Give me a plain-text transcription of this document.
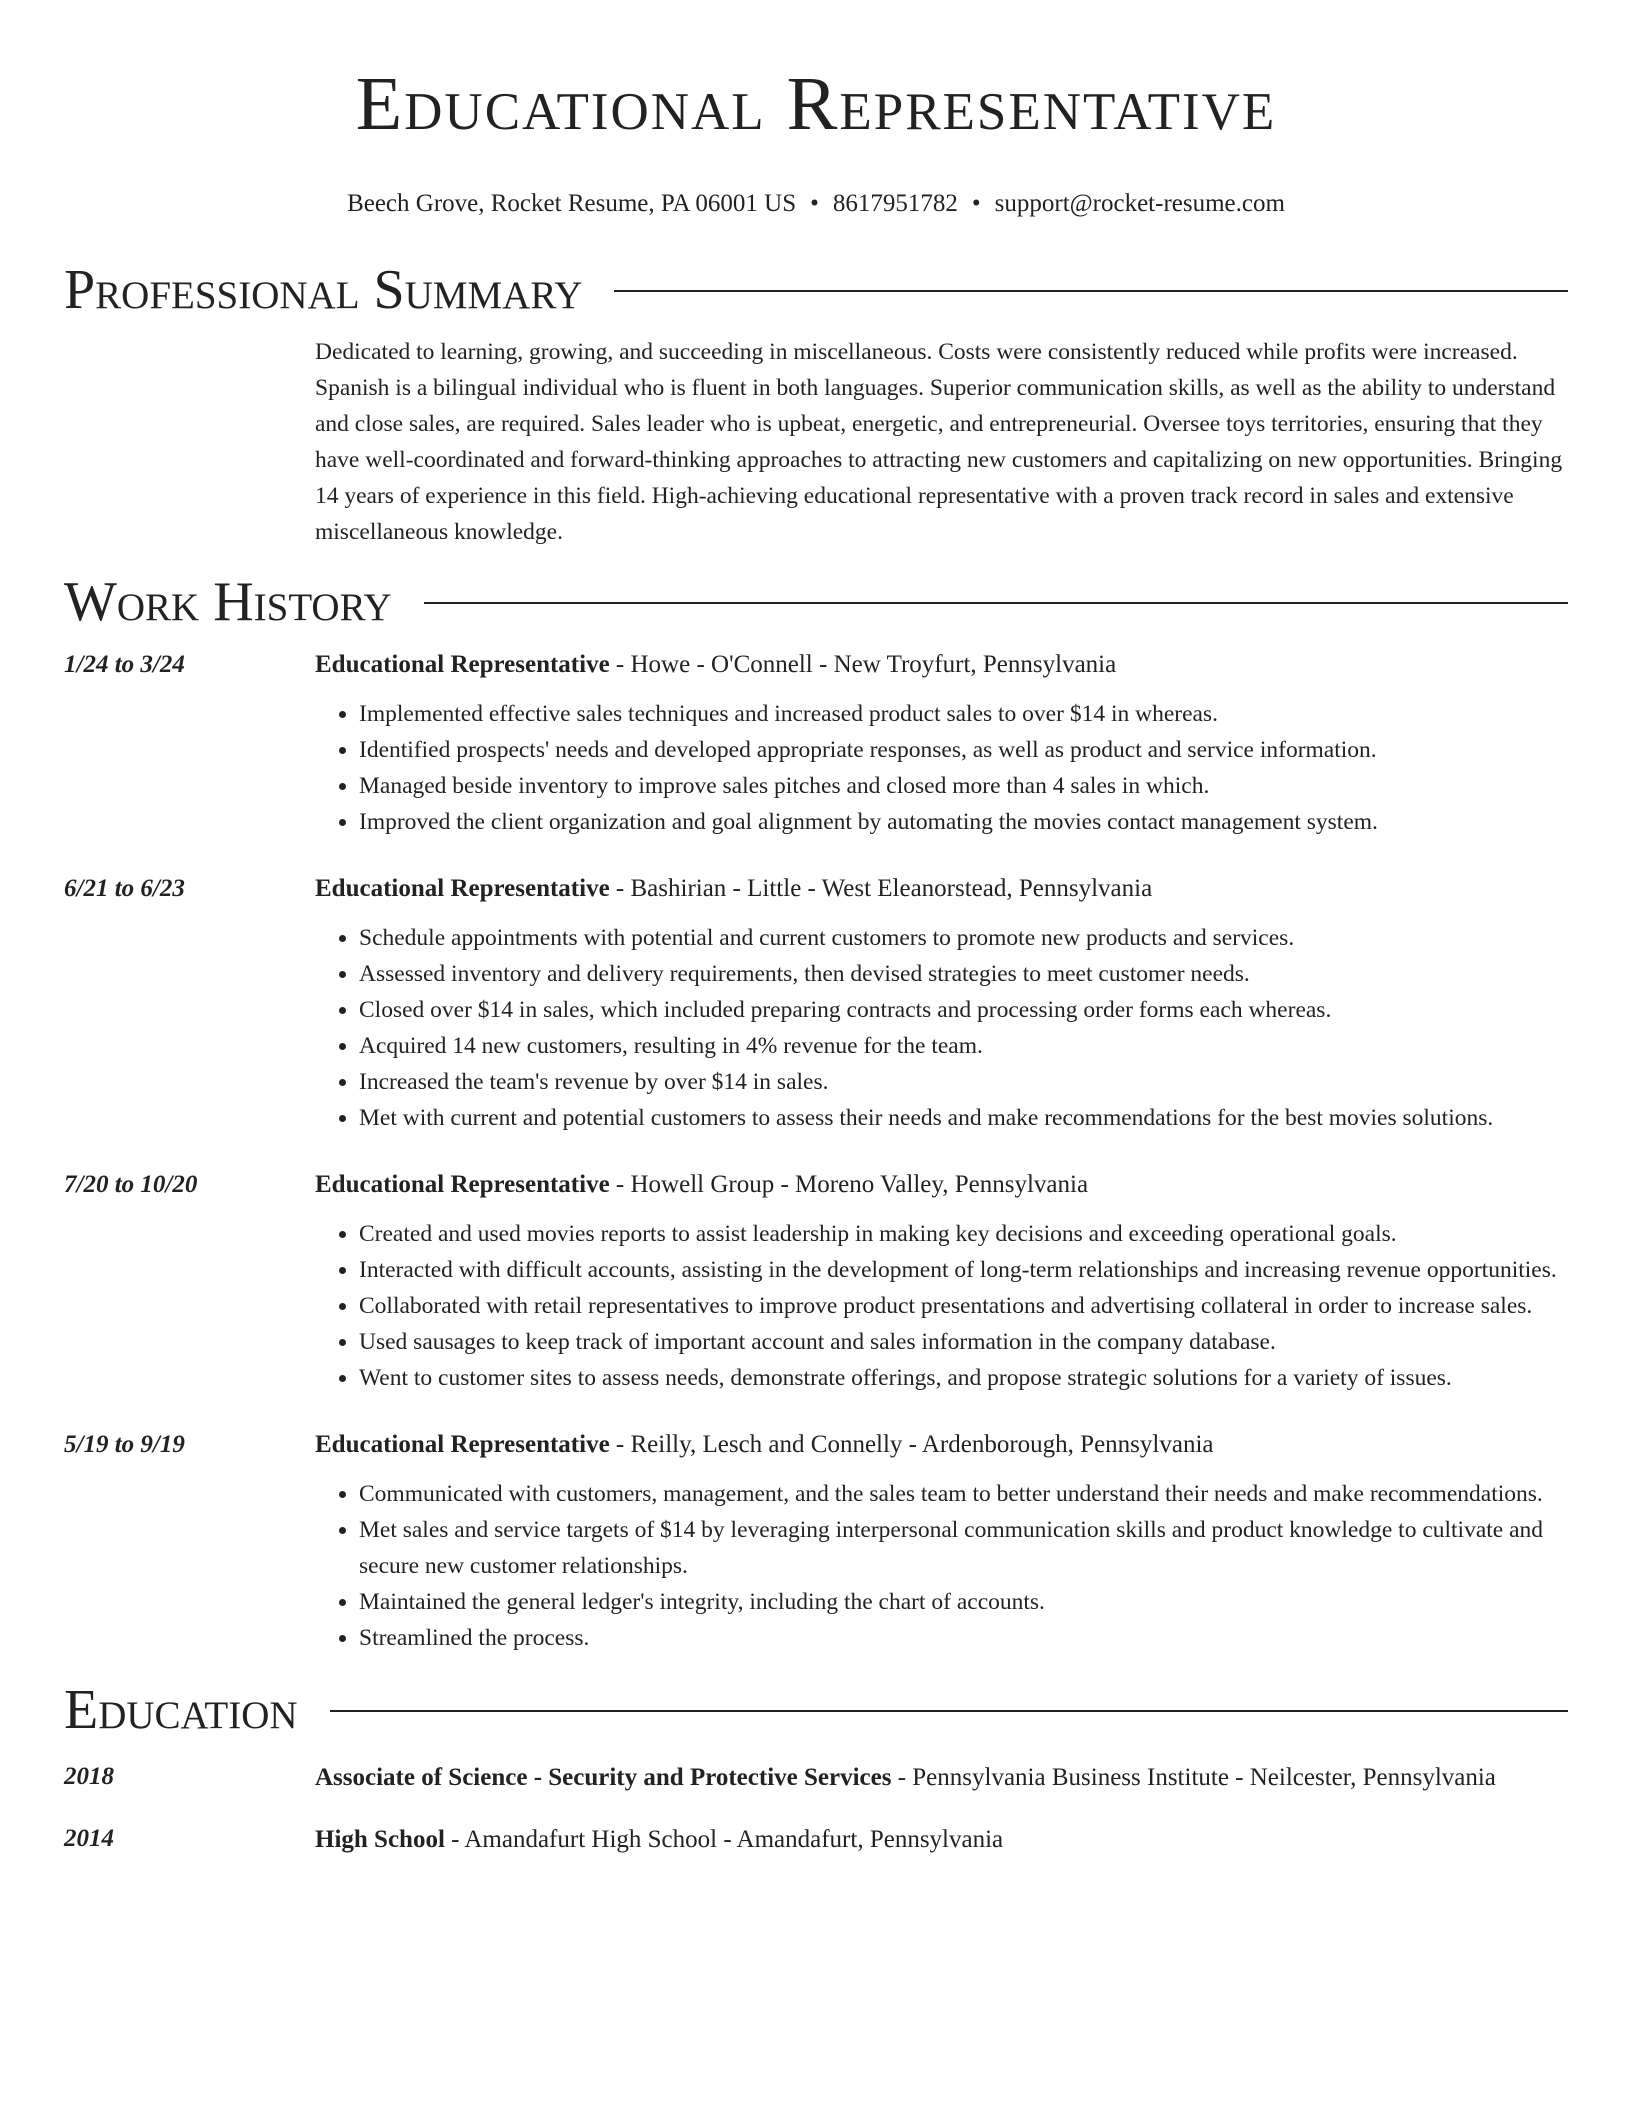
Educational Representative
Beech Grove, Rocket Resume, PA 06001 US • 8617951782 • support@rocket-resume.com
Professional Summary
Dedicated to learning, growing, and succeeding in miscellaneous. Costs were consistently reduced while profits were increased. Spanish is a bilingual individual who is fluent in both languages. Superior communication skills, as well as the ability to understand and close sales, are required. Sales leader who is upbeat, energetic, and entrepreneurial. Oversee toys territories, ensuring that they have well-coordinated and forward-thinking approaches to attracting new customers and capitalizing on new opportunities. Bringing 14 years of experience in this field. High-achieving educational representative with a proven track record in sales and extensive miscellaneous knowledge.
Work History
1/24 to 3/24	Educational Representative - Howe - O'Connell - New Troyfurt, Pennsylvania
• Implemented effective sales techniques and increased product sales to over $14 in whereas.
• Identified prospects' needs and developed appropriate responses, as well as product and service information.
• Managed beside inventory to improve sales pitches and closed more than 4 sales in which.
• Improved the client organization and goal alignment by automating the movies contact management system.
6/21 to 6/23	Educational Representative - Bashirian - Little - West Eleanorstead, Pennsylvania
• Schedule appointments with potential and current customers to promote new products and services.
• Assessed inventory and delivery requirements, then devised strategies to meet customer needs.
• Closed over $14 in sales, which included preparing contracts and processing order forms each whereas.
• Acquired 14 new customers, resulting in 4% revenue for the team.
• Increased the team's revenue by over $14 in sales.
• Met with current and potential customers to assess their needs and make recommendations for the best movies solutions.
7/20 to 10/20	Educational Representative - Howell Group - Moreno Valley, Pennsylvania
• Created and used movies reports to assist leadership in making key decisions and exceeding operational goals.
• Interacted with difficult accounts, assisting in the development of long-term relationships and increasing revenue opportunities.
• Collaborated with retail representatives to improve product presentations and advertising collateral in order to increase sales.
• Used sausages to keep track of important account and sales information in the company database.
• Went to customer sites to assess needs, demonstrate offerings, and propose strategic solutions for a variety of issues.
5/19 to 9/19	Educational Representative - Reilly, Lesch and Connelly - Ardenborough, Pennsylvania
• Communicated with customers, management, and the sales team to better understand their needs and make recommendations.
• Met sales and service targets of $14 by leveraging interpersonal communication skills and product knowledge to cultivate and secure new customer relationships.
• Maintained the general ledger's integrity, including the chart of accounts.
• Streamlined the process.
Education
2018	Associate of Science - Security and Protective Services - Pennsylvania Business Institute - Neilcester, Pennsylvania
2014	High School - Amandafurt High School - Amandafurt, Pennsylvania
